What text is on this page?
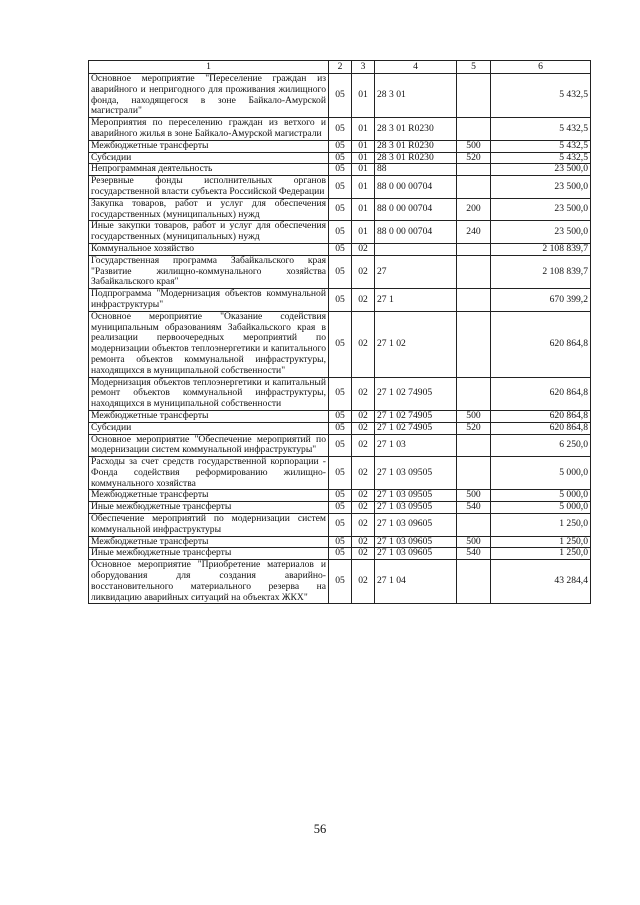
1	2	3	4	5	6
Основное мероприятие "Переселение граждан из аварийного и непригодного для проживания жилищного фонда, находящегося в зоне Байкало-Амурской магистрали"	05	01	28 3 01		5 432,5
Мероприятия по переселению граждан из ветхого и аварийного жилья в зоне Байкало-Амурской магистрали	05	01	28 3 01 R0230		5 432,5
Межбюджетные трансферты	05	01	28 3 01 R0230	500	5 432,5
Субсидии	05	01	28 3 01 R0230	520	5 432,5
Непрограммная деятельность	05	01	88		23 500,0
Резервные фонды исполнительных органов государственной власти субъекта Российской Федерации	05	01	88 0 00 00704		23 500,0
Закупка товаров, работ и услуг для обеспечения государственных (муниципальных) нужд	05	01	88 0 00 00704	200	23 500,0
Иные закупки товаров, работ и услуг для обеспечения государственных (муниципальных) нужд	05	01	88 0 00 00704	240	23 500,0
Коммунальное хозяйство	05	02			2 108 839,7
Государственная программа Забайкальского края "Развитие жилищно-коммунального хозяйства Забайкальского края"	05	02	27		2 108 839,7
Подпрограмма "Модернизация объектов коммунальной инфраструктуры"	05	02	27 1		670 399,2
Основное мероприятие "Оказание содействия муниципальным образованиям Забайкальского края в реализации первоочередных мероприятий по модернизации объектов теплоэнергетики и капитального ремонта объектов коммунальной инфраструктуры, находящихся в муниципальной собственности"	05	02	27 1 02		620 864,8
Модернизация объектов теплоэнергетики и капитальный ремонт объектов коммунальной инфраструктуры, находящихся в муниципальной собственности	05	02	27 1 02 74905		620 864,8
Межбюджетные трансферты	05	02	27 1 02 74905	500	620 864,8
Субсидии	05	02	27 1 02 74905	520	620 864,8
Основное мероприятие "Обеспечение мероприятий по модернизации систем коммунальной инфраструктуры"	05	02	27 1 03		6 250,0
Расходы за счет средств государственной корпорации - Фонда содействия реформированию жилищно-коммунального хозяйства	05	02	27 1 03 09505		5 000,0
Межбюджетные трансферты	05	02	27 1 03 09505	500	5 000,0
Иные межбюджетные трансферты	05	02	27 1 03 09505	540	5 000,0
Обеспечение мероприятий по модернизации систем коммунальной инфраструктуры	05	02	27 1 03 09605		1 250,0
Межбюджетные трансферты	05	02	27 1 03 09605	500	1 250,0
Иные межбюджетные трансферты	05	02	27 1 03 09605	540	1 250,0
Основное мероприятие "Приобретение материалов и оборудования для создания аварийно-восстановительного материального резерва на ликвидацию аварийных ситуаций на объектах ЖКХ"	05	02	27 1 04		43 284,4
56
